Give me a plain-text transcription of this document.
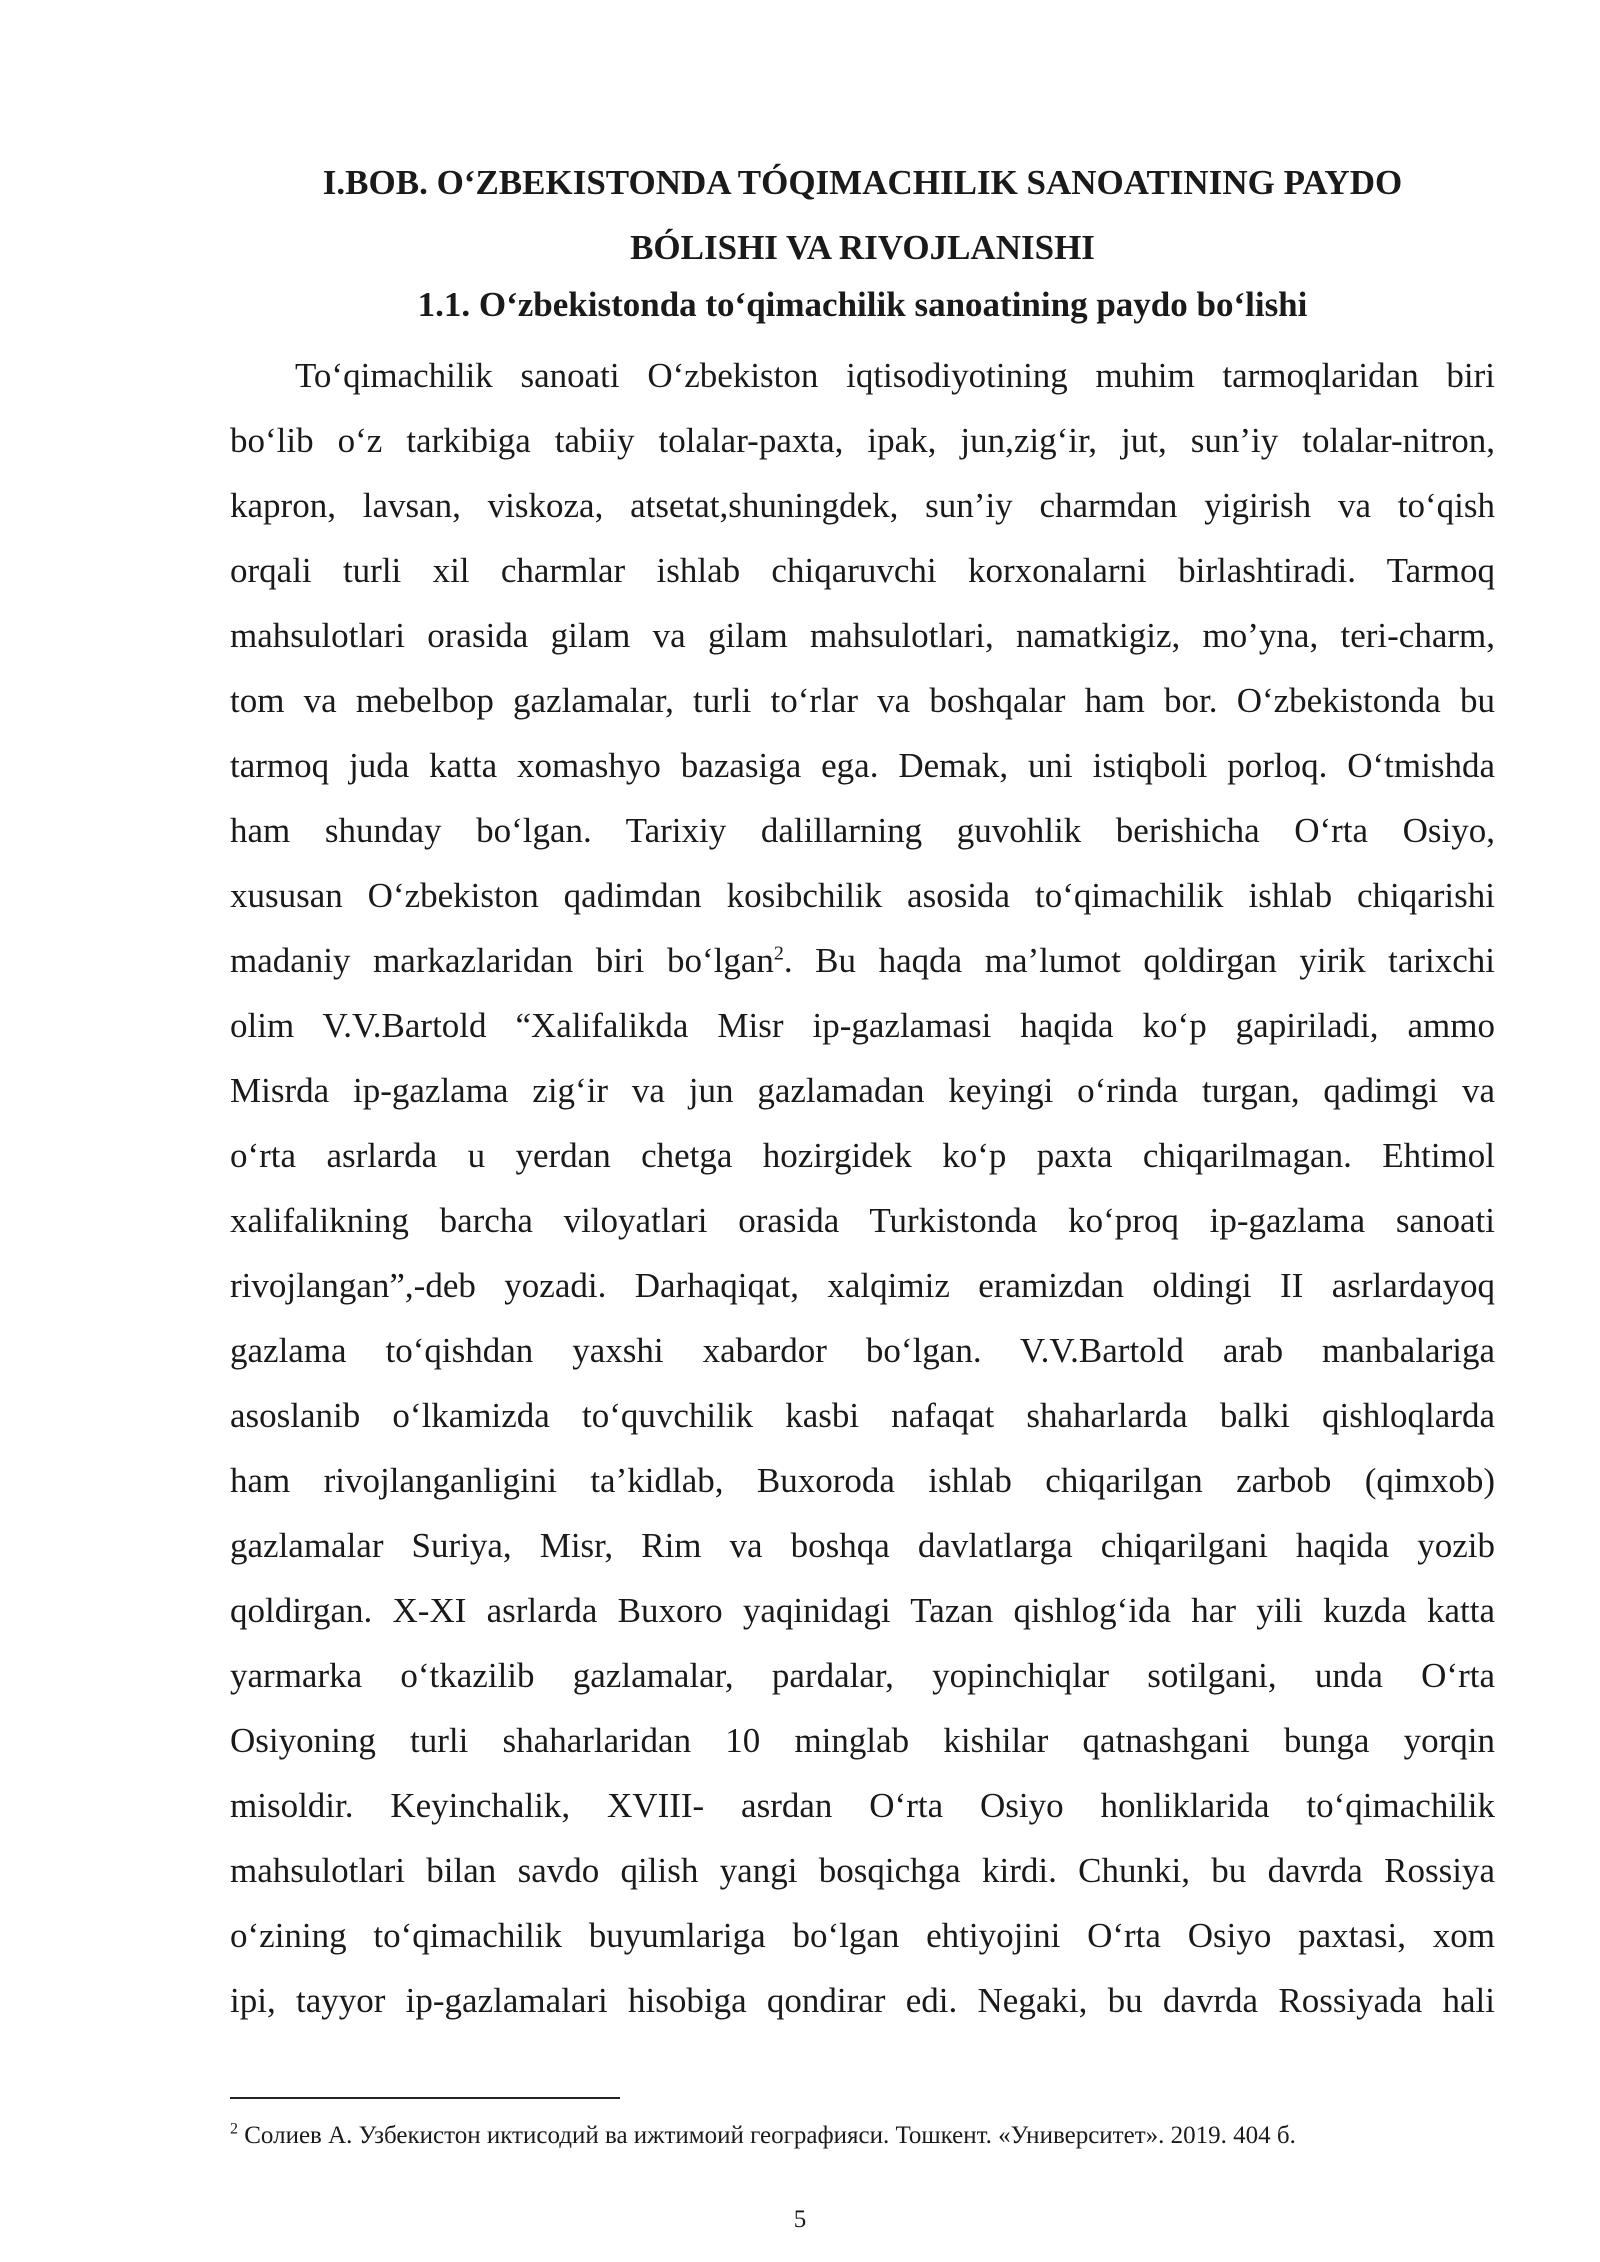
I.BOB. O‘ZBEKISTONDA TÓQIMACHILIK SANOATINING PAYDO
BÓLISHI VA RIVOJLANISHI
1.1. O‘zbekistonda to‘qimachilik sanoatining paydo bo‘lishi
To‘qimachilik sanoati O‘zbekiston iqtisodiyotining muhim tarmoqlaridan biri
bo‘lib o‘z tarkibiga tabiiy tolalar-paxta, ipak, jun,zig‘ir, jut, sun’iy tolalar-nitron,
kapron, lavsan, viskoza, atsetat,shuningdek, sun’iy charmdan yigirish va to‘qish
orqali turli xil charmlar ishlab chiqaruvchi korxonalarni birlashtiradi. Tarmoq
mahsulotlari orasida gilam va gilam mahsulotlari, namatkigiz, mo’yna, teri-charm,
tom va mebelbop gazlamalar, turli to‘rlar va boshqalar ham bor. O‘zbekistonda bu
tarmoq juda katta xomashyo bazasiga ega. Demak, uni istiqboli porloq. O‘tmishda
ham shunday bo‘lgan. Tarixiy dalillarning guvohlik berishicha O‘rta Osiyo,
xususan O‘zbekiston qadimdan kosibchilik asosida to‘qimachilik ishlab chiqarishi
madaniy markazlaridan biri bo‘lgan$^2$. Bu haqda ma’lumot qoldirgan yirik tarixchi
olim V.V.Bartold “Xalifalikda Misr ip-gazlamasi haqida ko‘p gapiriladi, ammo
Misrda ip-gazlama zig‘ir va jun gazlamadan keyingi o‘rinda turgan, qadimgi va
o‘rta asrlarda u yerdan chetga hozirgidek ko‘p paxta chiqarilmagan. Ehtimol
xalifalikning barcha viloyatlari orasida Turkistonda ko‘proq ip-gazlama sanoati
rivojlangan”,-deb yozadi. Darhaqiqat, xalqimiz eramizdan oldingi II asrlardayoq
gazlama to‘qishdan yaxshi xabardor bo‘lgan. V.V.Bartold arab manbalariga
asoslanib o‘lkamizda to‘quvchilik kasbi nafaqat shaharlarda balki qishloqlarda
ham rivojlanganligini ta’kidlab, Buxoroda ishlab chiqarilgan zarbob (qimxob)
gazlamalar Suriya, Misr, Rim va boshqa davlatlarga chiqarilgani haqida yozib
qoldirgan. X-XI asrlarda Buxoro yaqinidagi Tazan qishlog‘ida har yili kuzda katta
yarmarka o‘tkazilib gazlamalar, pardalar, yopinchiqlar sotilgani, unda O‘rta
Osiyoning turli shaharlaridan 10 minglab kishilar qatnashgani bunga yorqin
misoldir. Keyinchalik, XVIII- asrdan O‘rta Osiyo honliklarida to‘qimachilik
mahsulotlari bilan savdo qilish yangi bosqichga kirdi. Chunki, bu davrda Rossiya
o‘zining to‘qimachilik buyumlariga bo‘lgan ehtiyojini O‘rta Osiyo paxtasi, xom
ipi, tayyor ip-gazlamalari hisobiga qondirar edi. Negaki, bu davrda Rossiyada hali
$^2$ Солиев А. Узбекистон иктисодий ва ижтимоий географияси. Тошкент. «Университет». 2019. 404 б.
5
